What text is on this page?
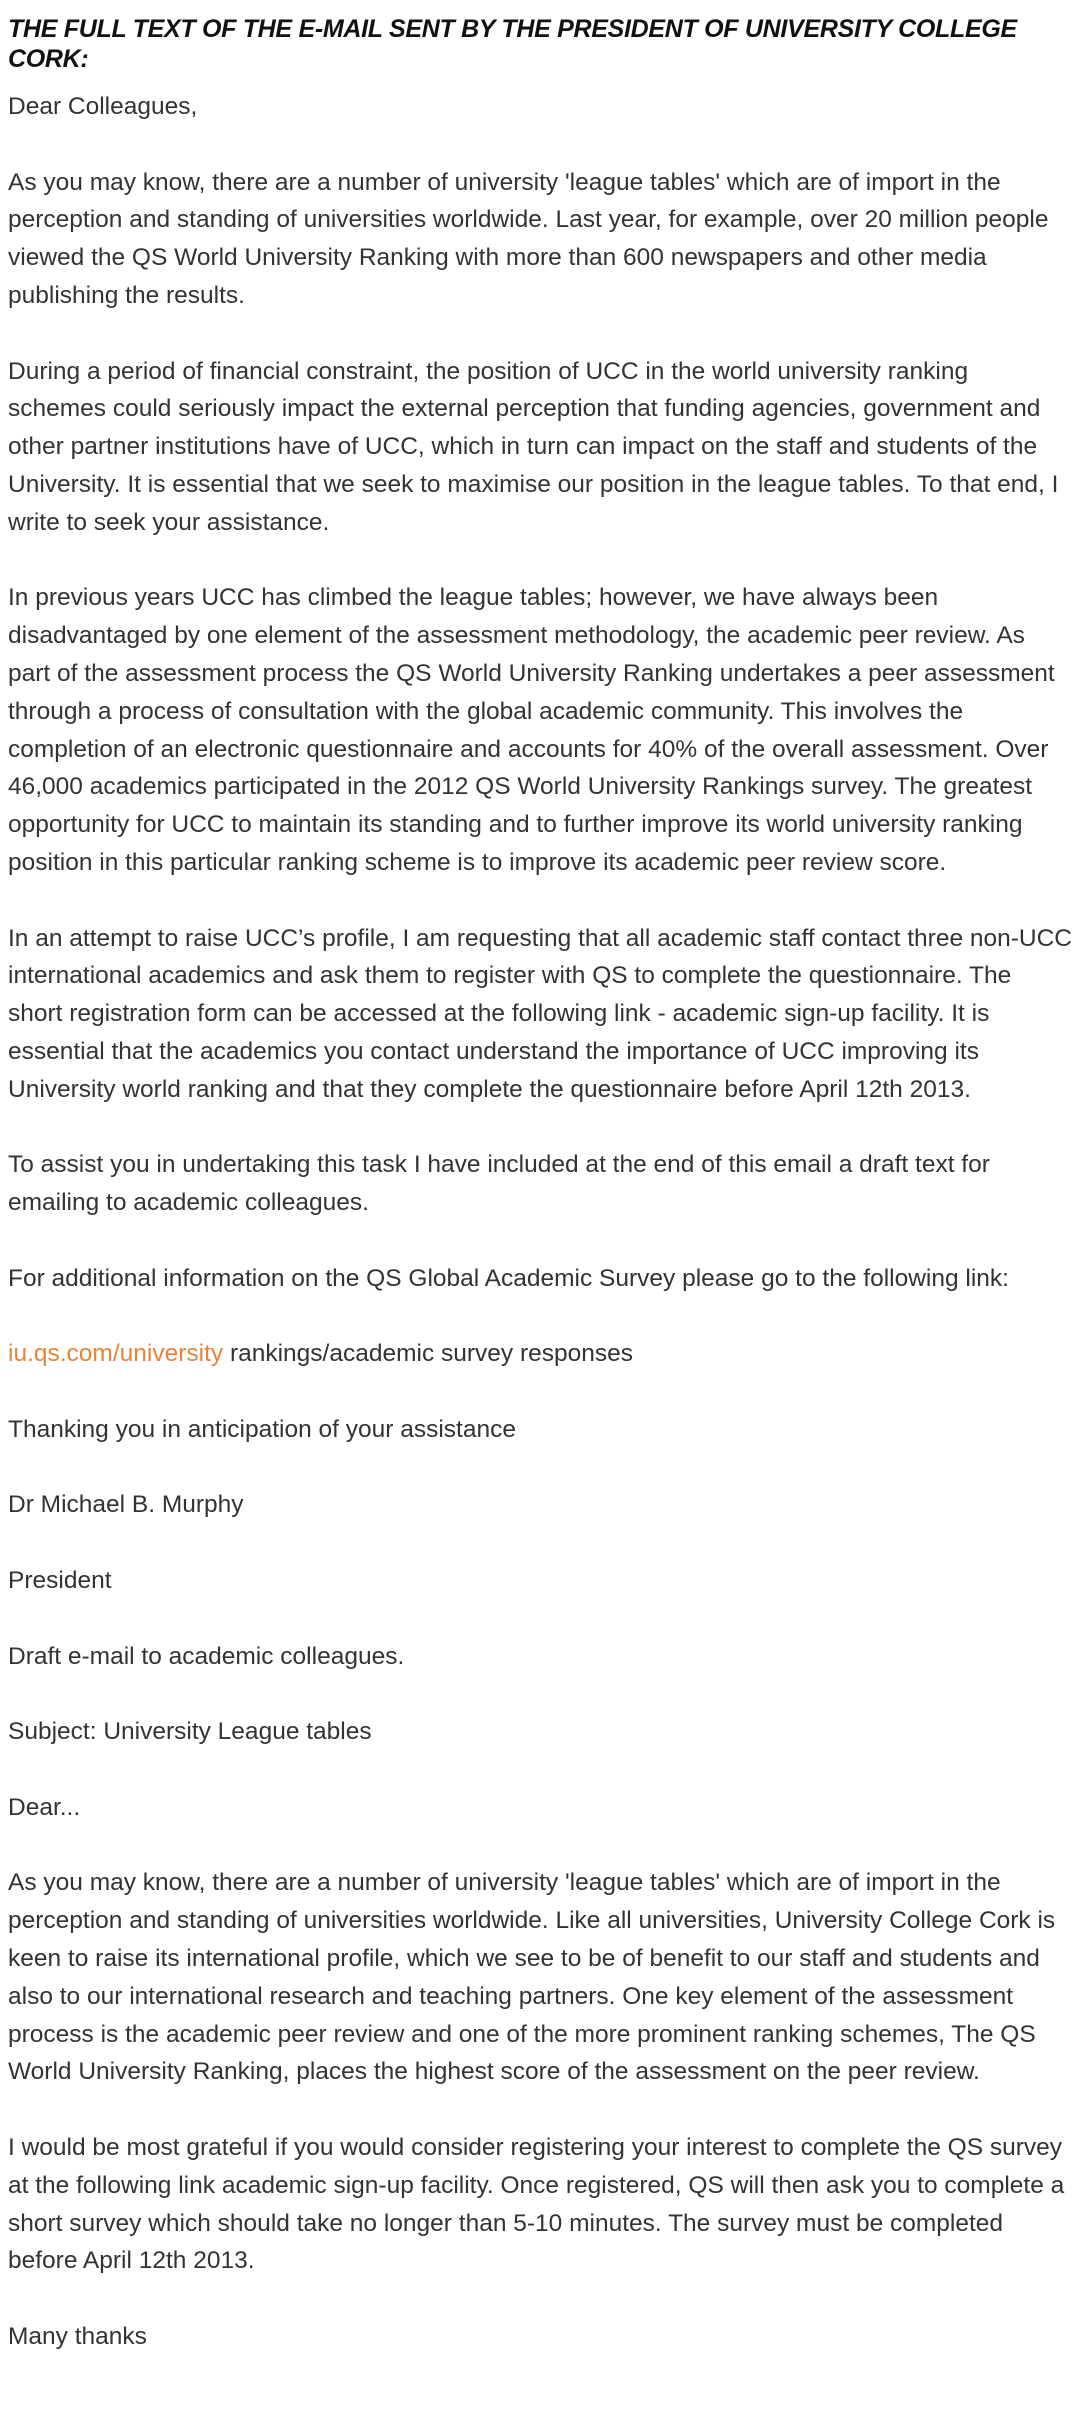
THE FULL TEXT OF THE E-MAIL SENT BY THE PRESIDENT OF UNIVERSITY COLLEGE CORK:
Dear Colleagues,
As you may know, there are a number of university 'league tables' which are of import in the perception and standing of universities worldwide. Last year, for example, over 20 million people viewed the QS World University Ranking with more than 600 newspapers and other media publishing the results.
During a period of financial constraint, the position of UCC in the world university ranking schemes could seriously impact the external perception that funding agencies, government and other partner institutions have of UCC, which in turn can impact on the staff and students of the University. It is essential that we seek to maximise our position in the league tables. To that end, I write to seek your assistance.
In previous years UCC has climbed the league tables; however, we have always been disadvantaged by one element of the assessment methodology, the academic peer review. As part of the assessment process the QS World University Ranking undertakes a peer assessment through a process of consultation with the global academic community. This involves the completion of an electronic questionnaire and accounts for 40% of the overall assessment. Over 46,000 academics participated in the 2012 QS World University Rankings survey. The greatest opportunity for UCC to maintain its standing and to further improve its world university ranking position in this particular ranking scheme is to improve its academic peer review score.
In an attempt to raise UCC’s profile, I am requesting that all academic staff contact three non-UCC international academics and ask them to register with QS to complete the questionnaire. The short registration form can be accessed at the following link - academic sign-up facility. It is essential that the academics you contact understand the importance of UCC improving its University world ranking and that they complete the questionnaire before April 12th 2013.
To assist you in undertaking this task I have included at the end of this email a draft text for emailing to academic colleagues.
For additional information on the QS Global Academic Survey please go to the following link:
iu.qs.com/university rankings/academic survey responses
Thanking you in anticipation of your assistance
Dr Michael B. Murphy
President
Draft e-mail to academic colleagues.
Subject: University League tables
Dear...
As you may know, there are a number of university 'league tables' which are of import in the perception and standing of universities worldwide. Like all universities, University College Cork is keen to raise its international profile, which we see to be of benefit to our staff and students and also to our international research and teaching partners. One key element of the assessment process is the academic peer review and one of the more prominent ranking schemes, The QS World University Ranking, places the highest score of the assessment on the peer review.
I would be most grateful if you would consider registering your interest to complete the QS survey at the following link academic sign-up facility. Once registered, QS will then ask you to complete a short survey which should take no longer than 5-10 minutes. The survey must be completed before April 12th 2013.
Many thanks
